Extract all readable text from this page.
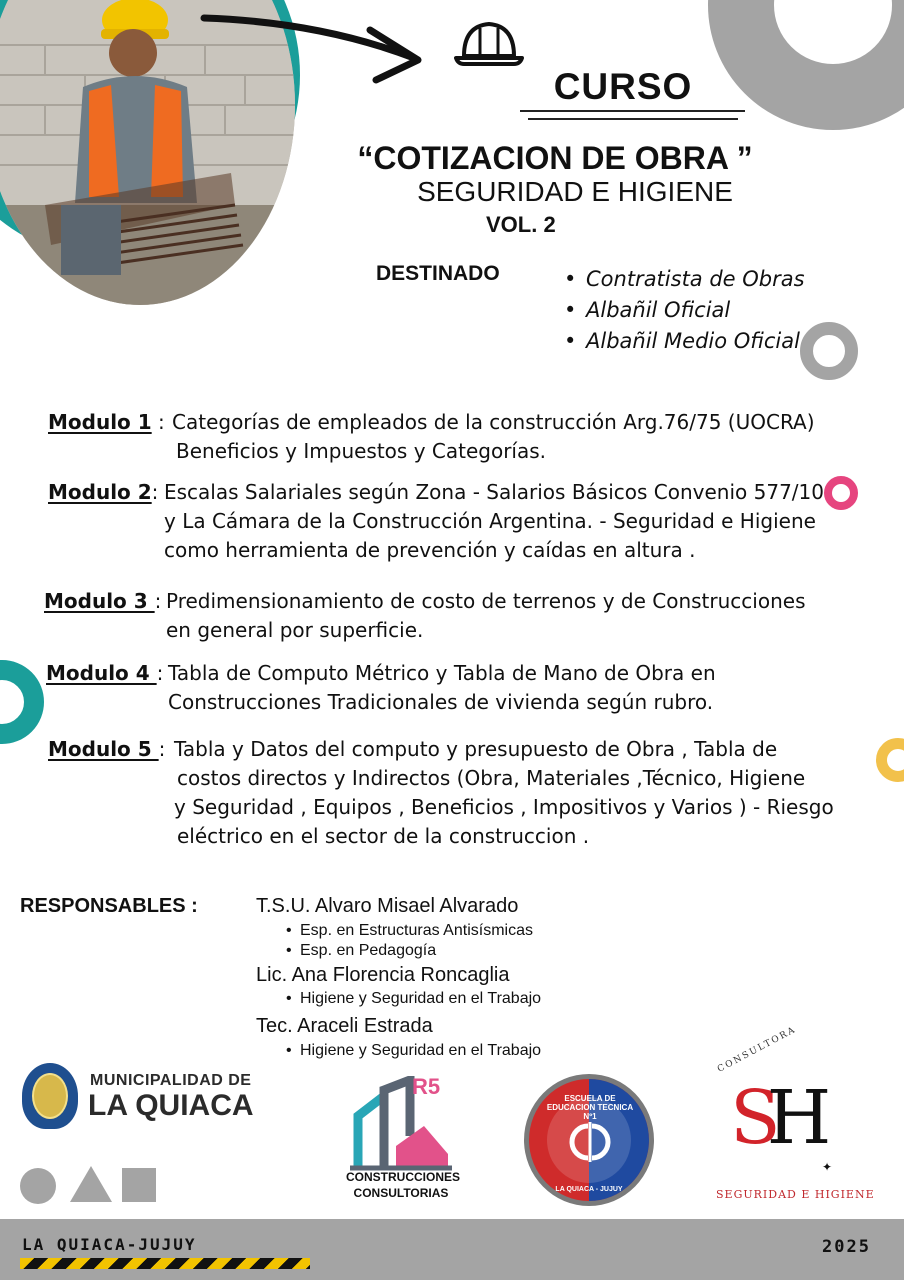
CURSO
“COTIZACION DE OBRA ”
SEGURIDAD E HIGIENE
VOL. 2
DESTINADO
•	Contratista de Obras
• Albañil Oficial
• Albañil Medio Oficial
Modulo 1 : Categorías de empleados de la construcción Arg.76/75 (UOCRA)
Beneficios y Impuestos y Categorías.
Modulo 2: Escalas Salariales según Zona - Salarios Básicos Convenio 577/10
y La Cámara de la Construcción Argentina. - Seguridad e Higiene
como herramienta de prevención y caídas en altura .
Modulo 3 : Predimensionamiento de costo de terrenos y de Construcciones
en general por superficie.
Modulo 4 : Tabla de Computo Métrico y Tabla de Mano de Obra en
Construcciones Tradicionales de vivienda según rubro.
Modulo 5 : Tabla y Datos del computo y presupuesto de Obra , Tabla de
costos directos y Indirectos (Obra, Materiales ,Técnico, Higiene
y Seguridad , Equipos , Beneficios , Impositivos y Varios ) - Riesgo
eléctrico en el sector de la construccion .
RESPONSABLES :	T.S.U. Alvaro Misael Alvarado
• Esp. en Estructuras Antisísmicas
• Esp. en Pedagogía
Lic. Ana Florencia Roncaglia
• Higiene y Seguridad en el Trabajo
Tec. Araceli Estrada
• Higiene y Seguridad en el Trabajo
MUNICIPALIDAD DE
LA QUIACA
R5
CONSTRUCCIONES
CONSULTORIAS
ESCUELA DE EDUCACION TECNICA Nº1
LA QUIACA - JUJUY
CONSULTORA
SH
✦
SEGURIDAD E HIGIENE
LA QUIACA-JUJUY	2025
